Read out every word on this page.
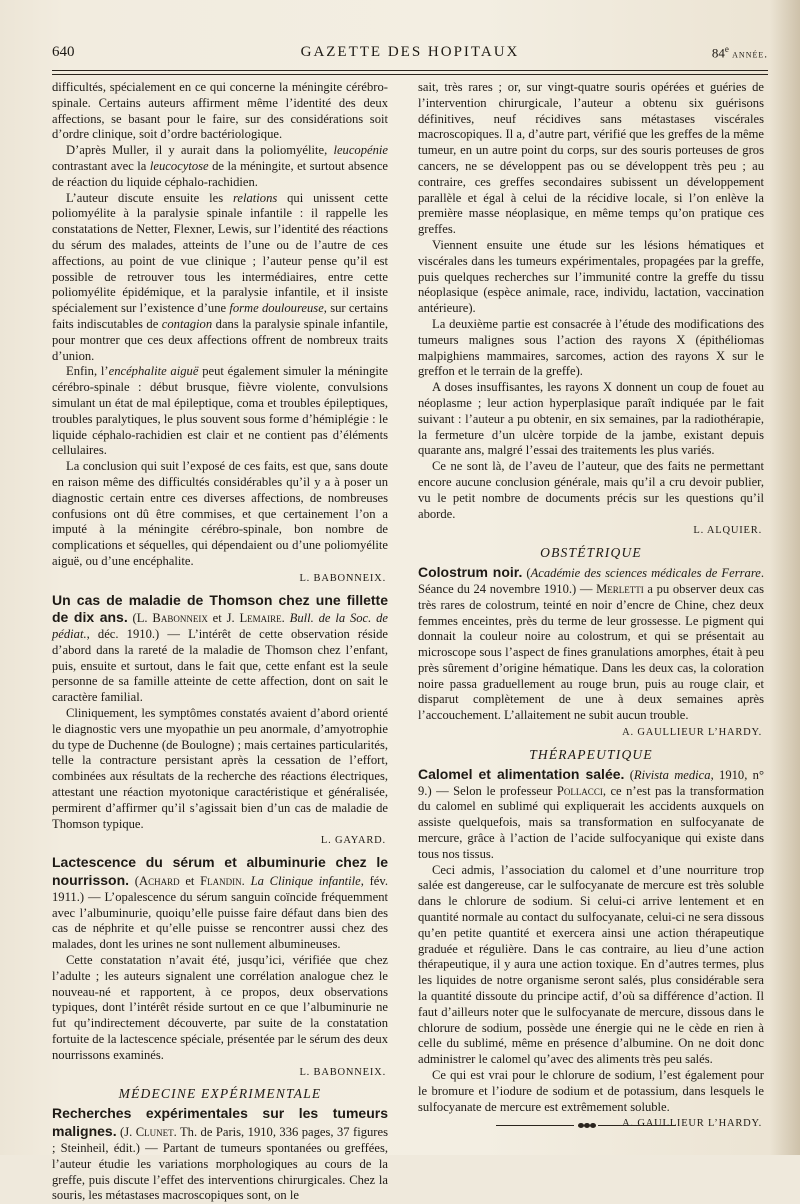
640	GAZETTE DES HOPITAUX	84e année.

difficultés, spécialement en ce qui concerne la méningite cérébro-spinale. Certains auteurs affirment même l’identité des deux affections, se basant pour le faire, sur des considérations soit d’ordre clinique, soit d’ordre bactériologique.

D’après Muller, il y aurait dans la poliomyélite, leucopénie contrastant avec la leucocytose de la méningite, et surtout absence de réaction du liquide céphalo-rachidien.

L’auteur discute ensuite les relations qui unissent cette poliomyélite à la paralysie spinale infantile : il rappelle les constatations de Netter, Flexner, Lewis, sur l’identité des réactions du sérum des malades, atteints de l’une ou de l’autre de ces affections, au point de vue clinique ; l’auteur pense qu’il est possible de retrouver tous les intermédiaires, entre cette poliomyélite épidémique, et la paralysie infantile, et il insiste spécialement sur l’existence d’une forme douloureuse, sur certains faits indiscutables de contagion dans la paralysie spinale infantile, pour montrer que ces deux affections offrent de nombreux traits d’union.

Enfin, l’encéphalite aiguë peut également simuler la méningite cérébro-spinale : début brusque, fièvre violente, convulsions simulant un état de mal épileptique, coma et troubles épileptiques, troubles paralytiques, le plus souvent sous forme d’hémiplégie : le liquide céphalo-rachidien est clair et ne contient pas d’éléments cellulaires.

La conclusion qui suit l’exposé de ces faits, est que, sans doute en raison même des difficultés considérables qu’il y a à poser un diagnostic certain entre ces diverses affections, de nombreuses confusions ont dû être commises, et que certainement l’on a imputé à la méningite cérébro-spinale, bon nombre de complications et séquelles, qui dépendaient ou d’une poliomyélite aiguë, ou d’une encéphalite.

L. BABONNEIX.

Un cas de maladie de Thomson chez une fillette de dix ans. (L. Babonneix et J. Lemaire. Bull. de la Soc. de pédiat., déc. 1910.) — L’intérêt de cette observation réside d’abord dans la rareté de la maladie de Thomson chez l’enfant, puis, ensuite et surtout, dans le fait que, cette enfant est la seule personne de sa famille atteinte de cette affection, dont on sait le caractère familial.

Cliniquement, les symptômes constatés avaient d’abord orienté le diagnostic vers une myopathie un peu anormale, d’amyotrophie du type de Duchenne (de Boulogne) ; mais certaines particularités, telle la contracture persistant après la cessation de l’effort, combinées aux résultats de la recherche des réactions électriques, attestant une réaction myotonique caractéristique et généralisée, permirent d’affirmer qu’il s’agissait bien d’un cas de maladie de Thomson typique.

L. GAYARD.

Lactescence du sérum et albuminurie chez le nourrisson. (Achard et Flandin. La Clinique infantile, fév. 1911.) — L’opalescence du sérum sanguin coïncide fréquemment avec l’albuminurie, quoiqu’elle puisse faire défaut dans bien des cas de néphrite et qu’elle puisse se rencontrer aussi chez des malades, dont les urines ne sont nullement albumineuses.

Cette constatation n’avait été, jusqu’ici, vérifiée que chez l’adulte ; les auteurs signalent une corrélation analogue chez le nouveau-né et rapportent, à ce propos, deux observations typiques, dont l’intérêt réside surtout en ce que l’albuminurie ne fut qu’indirectement découverte, par suite de la constatation fortuite de la lactescence spéciale, présentée par le sérum des deux nourrissons examinés.

L. BABONNEIX.
MÉDECINE EXPÉRIMENTALE

Recherches expérimentales sur les tumeurs malignes. (J. Clunet. Th. de Paris, 1910, 336 pages, 37 figures ; Steinheil, édit.) — Partant de tumeurs spontanées ou greffées, l’auteur étudie les variations morphologiques au cours de la greffe, puis discute l’effet des interventions chirurgicales. Chez la souris, les métastases macroscopiques sont, on le

sait, très rares ; or, sur vingt-quatre souris opérées et guéries de l’intervention chirurgicale, l’auteur a obtenu six guérisons définitives, neuf récidives sans métastases viscérales macroscopiques. Il a, d’autre part, vérifié que les greffes de la même tumeur, en un autre point du corps, sur des souris porteuses de gros cancers, ne se développent pas ou se développent très peu ; au contraire, ces greffes secondaires subissent un développement parallèle et égal à celui de la récidive locale, si l’on enlève la première masse néoplasique, en même temps qu’on pratique ces greffes.

Viennent ensuite une étude sur les lésions hématiques et viscérales dans les tumeurs expérimentales, propagées par la greffe, puis quelques recherches sur l’immunité contre la greffe du tissu néoplasique (espèce animale, race, individu, lactation, vaccination antérieure).

La deuxième partie est consacrée à l’étude des modifications des tumeurs malignes sous l’action des rayons X (épithéliomas malpighiens mammaires, sarcomes, action des rayons X sur le greffon et le terrain de la greffe).

A doses insuffisantes, les rayons X donnent un coup de fouet au néoplasme ; leur action hyperplasique paraît indiquée par le fait suivant : l’auteur a pu obtenir, en six semaines, par la radiothérapie, la fermeture d’un ulcère torpide de la jambe, existant depuis quarante ans, malgré l’essai des traitements les plus variés.

Ce ne sont là, de l’aveu de l’auteur, que des faits ne permettant encore aucune conclusion générale, mais qu’il a cru devoir publier, vu le petit nombre de documents précis sur les questions qu’il aborde.

L. ALQUIER.
OBSTÉTRIQUE

Colostrum noir. (Académie des sciences médicales de Ferrare. Séance du 24 novembre 1910.) — Merletti a pu observer deux cas très rares de colostrum, teinté en noir d’encre de Chine, chez deux femmes enceintes, près du terme de leur grossesse. Le pigment qui donnait la couleur noire au colostrum, et qui se présentait au microscope sous l’aspect de fines granulations amorphes, était à peu près sûrement d’origine hématique. Dans les deux cas, la coloration noire passa graduellement au rouge brun, puis au rouge clair, et disparut complètement de une à deux semaines après l’accouchement. L’allaitement ne subit aucun trouble.

A. GAULLIEUR L’HARDY.
THÉRAPEUTIQUE

Calomel et alimentation salée. (Rivista medica, 1910, n° 9.) — Selon le professeur Pollacci, ce n’est pas la transformation du calomel en sublimé qui expliquerait les accidents auxquels on assiste quelquefois, mais sa transformation en sulfocyanate de mercure, grâce à l’action de l’acide sulfocyanique qui existe dans tous nos tissus.

Ceci admis, l’association du calomel et d’une nourriture trop salée est dangereuse, car le sulfocyanate de mercure est très soluble dans le chlorure de sodium. Si celui-ci arrive lentement et en quantité normale au contact du sulfocyanate, celui-ci ne sera dissous qu’en petite quantité et exercera ainsi une action thérapeutique graduée et régulière. Dans le cas contraire, au lieu d’une action thérapeutique, il y aura une action toxique. En d’autres termes, plus les liquides de notre organisme seront salés, plus considérable sera la quantité dissoute du principe actif, d’où sa différence d’action. Il faut d’ailleurs noter que le sulfocyanate de mercure, dissous dans le chlorure de sodium, possède une énergie qui ne le cède en rien à celle du sublimé, même en présence d’albumine. On ne doit donc administrer le calomel qu’avec des aliments très peu salés.

Ce qui est vrai pour le chlorure de sodium, l’est également pour le bromure et l’iodure de sodium et de potassium, dans lesquels le sulfocyanate de mercure est extrêmement soluble.

A. GAULLIEUR L’HARDY.
